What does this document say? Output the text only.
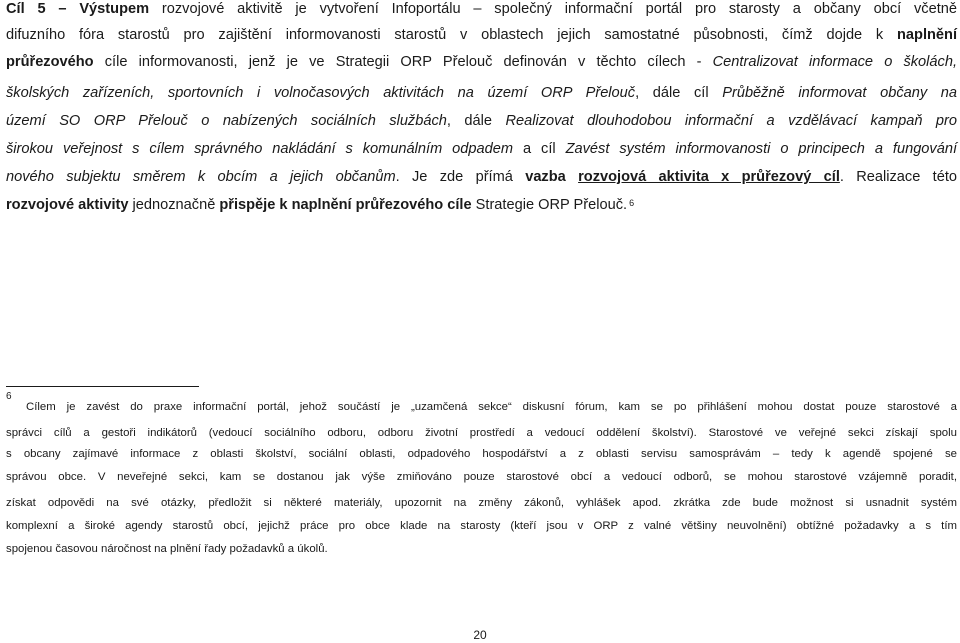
Cíl 5 – Výstupem rozvojové aktivitě je vytvoření Infoportálu – společný informační portál pro starosty a občany obcí včetně
difuzního fóra starostů pro zajištění informovanosti starostů v oblastech jejich samostatné působnosti, čímž dojde k naplnění
průřezového cíle informovanosti, jenž je ve Strategii ORP Přelouč definován v těchto cílech - Centralizovat informace o školách,
školských zařízeních, sportovních i volnočasových aktivitách na území ORP Přelouč, dále cíl Průběžně informovat občany na
území SO ORP Přelouč o nabízených sociálních službách, dále Realizovat dlouhodobou informační a vzdělávací kampaň pro
širokou veřejnost s cílem správného nakládání s komunálním odpadem a cíl Zavést systém informovanosti o principech a fungování
nového subjektu směrem k obcím a jejich občanům. Je zde přímá vazba rozvojová aktivita x průřezový cíl. Realizace této
rozvojové aktivity jednoznačně přispěje k naplnění průřezového cíle Strategie ORP Přelouč. $^6$
6
Cílem je zavést do praxe informační portál, jehož součástí je „uzamčená sekce“ diskusní fórum, kam se po přihlášení mohou dostat pouze starostové a
správci cílů a gestoři indikátorů (vedoucí sociálního odboru, odboru životní prostředí a vedoucí oddělení školství). Starostové ve veřejné sekci získají spolu
s obcany zajímavé informace z oblasti školství, sociální oblasti, odpadového hospodářství a z oblasti servisu samosprávám – tedy k agendě spojené se
správou obce. V neveřejné sekci, kam se dostanou jak výše zmiňováno pouze starostové obcí a vedoucí odborů, se mohou starostové vzájemně poradit,
získat odpovědi na své otázky, předložit si některé materiály, upozornit na změny zákonů, vyhlášek apod. zkrátka zde bude možnost si usnadnit systém
komplexní a široké agendy starostů obcí, jejichž práce pro obce klade na starosty (kteří jsou v ORP z valné většiny neuvolnění) obtížné požadavky a s tím
spojenou časovou náročnost na plnění řady požadavků a úkolů.
20
